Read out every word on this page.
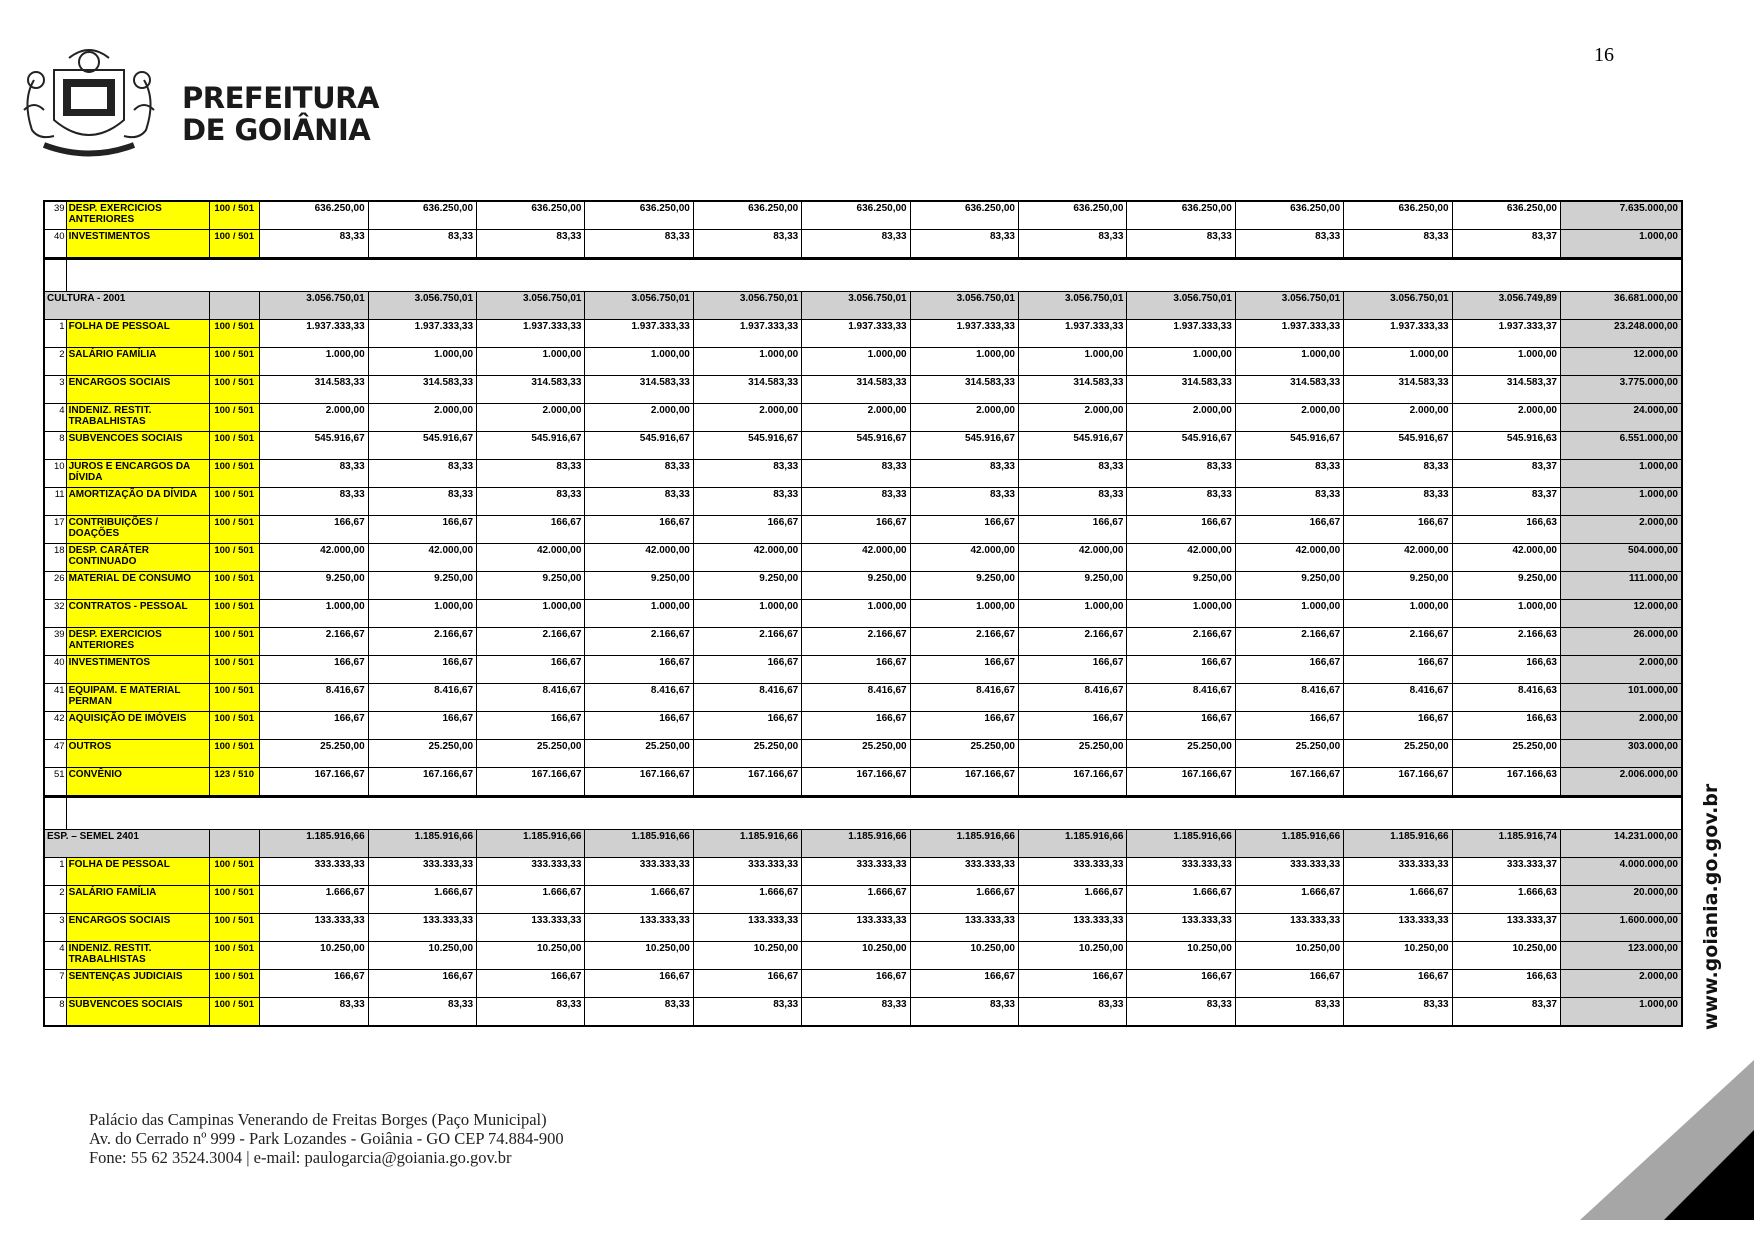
PREFEITURA
DE GOIÂNIA
16
39	DESP. EXERCICIOS ANTERIORES	100 / 501	636.250,00	636.250,00	636.250,00	636.250,00	636.250,00	636.250,00	636.250,00	636.250,00	636.250,00	636.250,00	636.250,00	636.250,00	7.635.000,00
40	INVESTIMENTOS	100 / 501	83,33	83,33	83,33	83,33	83,33	83,33	83,33	83,33	83,33	83,33	83,33	83,37	1.000,00

CULTURA - 2001			3.056.750,01	3.056.750,01	3.056.750,01	3.056.750,01	3.056.750,01	3.056.750,01	3.056.750,01	3.056.750,01	3.056.750,01	3.056.750,01	3.056.750,01	3.056.749,89	36.681.000,00
1	FOLHA DE PESSOAL	100 / 501	1.937.333,33	1.937.333,33	1.937.333,33	1.937.333,33	1.937.333,33	1.937.333,33	1.937.333,33	1.937.333,33	1.937.333,33	1.937.333,33	1.937.333,33	1.937.333,37	23.248.000,00
2	SALÁRIO FAMÍLIA	100 / 501	1.000,00	1.000,00	1.000,00	1.000,00	1.000,00	1.000,00	1.000,00	1.000,00	1.000,00	1.000,00	1.000,00	1.000,00	12.000,00
3	ENCARGOS SOCIAIS	100 / 501	314.583,33	314.583,33	314.583,33	314.583,33	314.583,33	314.583,33	314.583,33	314.583,33	314.583,33	314.583,33	314.583,33	314.583,37	3.775.000,00
4	INDENIZ. RESTIT. TRABALHISTAS	100 / 501	2.000,00	2.000,00	2.000,00	2.000,00	2.000,00	2.000,00	2.000,00	2.000,00	2.000,00	2.000,00	2.000,00	2.000,00	24.000,00
8	SUBVENCOES SOCIAIS	100 / 501	545.916,67	545.916,67	545.916,67	545.916,67	545.916,67	545.916,67	545.916,67	545.916,67	545.916,67	545.916,67	545.916,67	545.916,63	6.551.000,00
10	JUROS E ENCARGOS DA DÍVIDA	100 / 501	83,33	83,33	83,33	83,33	83,33	83,33	83,33	83,33	83,33	83,33	83,33	83,37	1.000,00
11	AMORTIZAÇÃO DA DÍVIDA	100 / 501	83,33	83,33	83,33	83,33	83,33	83,33	83,33	83,33	83,33	83,33	83,33	83,37	1.000,00
17	CONTRIBUIÇÕES / DOAÇÕES	100 / 501	166,67	166,67	166,67	166,67	166,67	166,67	166,67	166,67	166,67	166,67	166,67	166,63	2.000,00
18	DESP. CARÁTER CONTINUADO	100 / 501	42.000,00	42.000,00	42.000,00	42.000,00	42.000,00	42.000,00	42.000,00	42.000,00	42.000,00	42.000,00	42.000,00	42.000,00	504.000,00
26	MATERIAL DE CONSUMO	100 / 501	9.250,00	9.250,00	9.250,00	9.250,00	9.250,00	9.250,00	9.250,00	9.250,00	9.250,00	9.250,00	9.250,00	9.250,00	111.000,00
32	CONTRATOS - PESSOAL	100 / 501	1.000,00	1.000,00	1.000,00	1.000,00	1.000,00	1.000,00	1.000,00	1.000,00	1.000,00	1.000,00	1.000,00	1.000,00	12.000,00
39	DESP. EXERCICIOS ANTERIORES	100 / 501	2.166,67	2.166,67	2.166,67	2.166,67	2.166,67	2.166,67	2.166,67	2.166,67	2.166,67	2.166,67	2.166,67	2.166,63	26.000,00
40	INVESTIMENTOS	100 / 501	166,67	166,67	166,67	166,67	166,67	166,67	166,67	166,67	166,67	166,67	166,67	166,63	2.000,00
41	EQUIPAM. E MATERIAL PERMAN	100 / 501	8.416,67	8.416,67	8.416,67	8.416,67	8.416,67	8.416,67	8.416,67	8.416,67	8.416,67	8.416,67	8.416,67	8.416,63	101.000,00
42	AQUISIÇÃO DE IMÓVEIS	100 / 501	166,67	166,67	166,67	166,67	166,67	166,67	166,67	166,67	166,67	166,67	166,67	166,63	2.000,00
47	OUTROS	100 / 501	25.250,00	25.250,00	25.250,00	25.250,00	25.250,00	25.250,00	25.250,00	25.250,00	25.250,00	25.250,00	25.250,00	25.250,00	303.000,00
51	CONVÊNIO	123 / 510	167.166,67	167.166,67	167.166,67	167.166,67	167.166,67	167.166,67	167.166,67	167.166,67	167.166,67	167.166,67	167.166,67	167.166,63	2.006.000,00

ESP. – SEMEL 2401			1.185.916,66	1.185.916,66	1.185.916,66	1.185.916,66	1.185.916,66	1.185.916,66	1.185.916,66	1.185.916,66	1.185.916,66	1.185.916,66	1.185.916,66	1.185.916,74	14.231.000,00
1	FOLHA DE PESSOAL	100 / 501	333.333,33	333.333,33	333.333,33	333.333,33	333.333,33	333.333,33	333.333,33	333.333,33	333.333,33	333.333,33	333.333,33	333.333,37	4.000.000,00
2	SALÁRIO FAMÍLIA	100 / 501	1.666,67	1.666,67	1.666,67	1.666,67	1.666,67	1.666,67	1.666,67	1.666,67	1.666,67	1.666,67	1.666,67	1.666,63	20.000,00
3	ENCARGOS SOCIAIS	100 / 501	133.333,33	133.333,33	133.333,33	133.333,33	133.333,33	133.333,33	133.333,33	133.333,33	133.333,33	133.333,33	133.333,33	133.333,37	1.600.000,00
4	INDENIZ. RESTIT. TRABALHISTAS	100 / 501	10.250,00	10.250,00	10.250,00	10.250,00	10.250,00	10.250,00	10.250,00	10.250,00	10.250,00	10.250,00	10.250,00	10.250,00	123.000,00
7	SENTENÇAS JUDICIAIS	100 / 501	166,67	166,67	166,67	166,67	166,67	166,67	166,67	166,67	166,67	166,67	166,67	166,63	2.000,00
8	SUBVENCOES SOCIAIS	100 / 501	83,33	83,33	83,33	83,33	83,33	83,33	83,33	83,33	83,33	83,33	83,33	83,37	1.000,00 www.goiania.go.gov.br
Palácio das Campinas Venerando de Freitas Borges (Paço Municipal)
Av. do Cerrado nº 999 - Park Lozandes - Goiânia - GO CEP 74.884-900
Fone: 55 62 3524.3004 | e-mail: paulogarcia@goiania.go.gov.br
